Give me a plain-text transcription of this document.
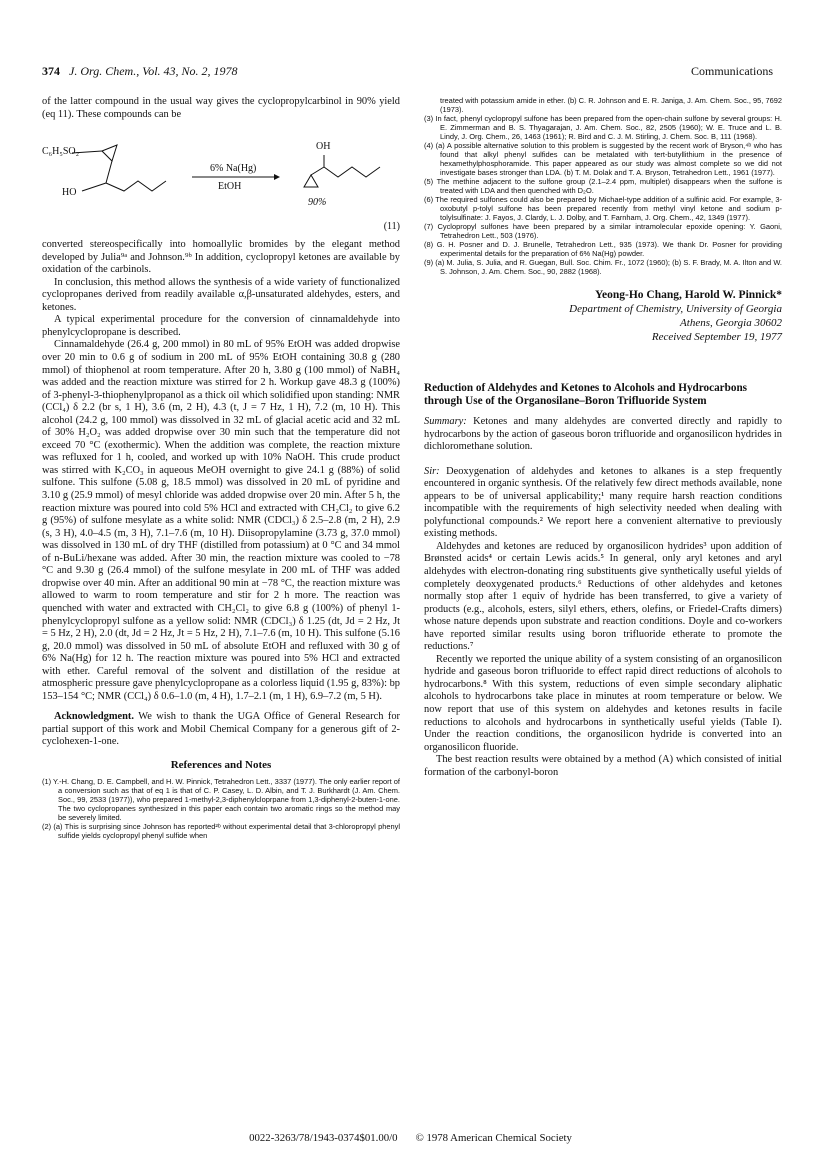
374 J. Org. Chem., Vol. 43, No. 2, 1978	Communications

of the latter compound in the usual way gives the cyclopropylcarbinol in 90% yield (eq 11). These compounds can be

C₆H₅SO₂
HO
6% Na(Hg)
EtOH
OH
90%
(11)

converted stereospecifically into homoallylic bromides by the elegant method developed by Julia⁹ᵃ and Johnson.⁹ᵇ In addition, cyclopropyl ketones are available by oxidation of the carbinols.

In conclusion, this method allows the synthesis of a wide variety of functionalized cyclopropanes derived from readily available α,β-unsaturated aldehydes, esters, and ketones.

A typical experimental procedure for the conversion of cinnamaldehyde into phenylcyclopropane is described.

Cinnamaldehyde (26.4 g, 200 mmol) in 80 mL of 95% EtOH was added dropwise over 20 min to 0.6 g of sodium in 200 mL of 95% EtOH containing 30.8 g (280 mmol) of thiophenol at room temperature. After 20 h, 3.80 g (100 mmol) of NaBH₄ was added and the reaction mixture was stirred for 2 h. Workup gave 48.3 g (100%) of 3-phenyl-3-thiophenylpropanol as a thick oil which solidified upon standing: NMR (CCl₄) δ 2.2 (br s, 1 H), 3.6 (m, 2 H), 4.3 (t, J = 7 Hz, 1 H), 7.2 (m, 10 H). This alcohol (24.2 g, 100 mmol) was dissolved in 32 mL of glacial acetic acid and 32 mL of 30% H₂O₂ was added dropwise over 30 min such that the temperature did not exceed 70 °C (exothermic). When the addition was complete, the reaction mixture was refluxed for 1 h, cooled, and worked up with 10% NaOH. This crude product was stirred with K₂CO₃ in aqueous MeOH overnight to give 24.1 g (88%) of solid sulfone. This sulfone (5.08 g, 18.5 mmol) was dissolved in 20 mL of pyridine and 3.10 g (25.9 mmol) of mesyl chloride was added dropwise over 20 min. After 5 h, the reaction mixture was poured into cold 5% HCl and extracted with CH₂Cl₂ to give 6.2 g (95%) of sulfone mesylate as a white solid: NMR (CDCl₃) δ 2.5–2.8 (m, 2 H), 2.9 (s, 3 H), 4.0–4.5 (m, 3 H), 7.1–7.6 (m, 10 H). Diisopropylamine (3.73 g, 37.0 mmol) was dissolved in 130 mL of dry THF (distilled from potassium) at 0 °C and 34 mmol of n-BuLi/hexane was added. After 30 min, the reaction mixture was cooled to −78 °C and 9.30 g (26.4 mmol) of the sulfone mesylate in 200 mL of THF was added dropwise over 40 min. After an additional 90 min at −78 °C, the reaction mixture was allowed to warm to room temperature and stir for 2 h more. The reaction was quenched with water and extracted with CH₂Cl₂ to give 6.8 g (100%) of phenyl 1-phenylcyclopropyl sulfone as a yellow solid: NMR (CDCl₃) δ 1.25 (dt, Jd = 2 Hz, Jt = 5 Hz, 2 H), 2.0 (dt, Jd = 2 Hz, Jt = 5 Hz, 2 H), 7.1–7.6 (m, 10 H). This sulfone (5.16 g, 20.0 mmol) was dissolved in 50 mL of absolute EtOH and refluxed with 30 g of 6% Na(Hg) for 12 h. The reaction mixture was poured into 5% HCl and extracted with ether. Careful removal of the solvent and distillation of the residue at atmospheric pressure gave phenylcyclopropane as a colorless liquid (1.95 g, 83%): bp 153–154 °C; NMR (CCl₄) δ 0.6–1.0 (m, 4 H), 1.7–2.1 (m, 1 H), 6.9–7.2 (m, 5 H).

Acknowledgment. We wish to thank the UGA Office of General Research for partial support of this work and Mobil Chemical Company for a generous gift of 2-cyclohexen-1-one.

References and Notes
(1) Y.-H. Chang, D. E. Campbell, and H. W. Pinnick, Tetrahedron Lett., 3337 (1977). The only earlier report of a conversion such as that of eq 1 is that of C. P. Casey, L. D. Albin, and T. J. Burkhardt (J. Am. Chem. Soc., 99, 2533 (1977)), who prepared 1-methyl-2,3-diphenylcloprpane from 1,3-diphenyl-2-buten-1-one. The two cyclopropanes synthesized in this paper each contain two aromatic rings so the method may be severely limited.
(2) (a) This is surprising since Johnson has reported²ᵇ without experimental detail that 3-chloropropyl phenyl sulfide yields cyclopropyl phenyl sulfide when
treated with potassium amide in ether. (b) C. R. Johnson and E. R. Janiga, J. Am. Chem. Soc., 95, 7692 (1973).
(3) In fact, phenyl cyclopropyl sulfone has been prepared from the open-chain sulfone by several groups: H. E. Zimmerman and B. S. Thyagarajan, J. Am. Chem. Soc., 82, 2505 (1960); W. E. Truce and L. B. Lindy, J. Org. Chem., 26, 1463 (1961); R. Bird and C. J. M. Stirling, J. Chem. Soc. B, 111 (1968).
(4) (a) A possible alternative solution to this problem is suggested by the recent work of Bryson,⁴ᵇ who has found that alkyl phenyl sulfides can be metalated with tert-butyllithium in the presence of hexamethylphosphoramide. This paper appeared as our study was almost complete so we did not investigate bases stronger than LDA. (b) T. M. Dolak and T. A. Bryson, Tetrahedron Lett., 1961 (1977).
(5) The methine adjacent to the sulfone group (2.1–2.4 ppm, multiplet) disappears when the sulfone is treated with LDA and then quenched with D₂O.
(6) The required sulfones could also be prepared by Michael-type addition of a sulfinic acid. For example, 3-oxobutyl p-tolyl sulfone has been prepared recently from methyl vinyl ketone and sodium p-tolylsulfinate: J. Fayos, J. Clardy, L. J. Dolby, and T. Farnham, J. Org. Chem., 42, 1349 (1977).
(7) Cyclopropyl sulfones have been prepared by a similar intramolecular epoxide opening: Y. Gaoni, Tetrahedron Lett., 503 (1976).
(8) G. H. Posner and D. J. Brunelle, Tetrahedron Lett., 935 (1973). We thank Dr. Posner for providing experimental details for the preparation of 6% Na(Hg) powder.
(9) (a) M. Julia, S. Julia, and R. Guegan, Bull. Soc. Chim. Fr., 1072 (1960); (b) S. F. Brady, M. A. Ilton and W. S. Johnson, J. Am. Chem. Soc., 90, 2882 (1968).
Yeong-Ho Chang, Harold W. Pinnick*
Department of Chemistry, University of Georgia
Athens, Georgia 30602
Received September 19, 1977
Reduction of Aldehydes and Ketones to Alcohols and Hydrocarbons through Use of the Organosilane–Boron Trifluoride System

Summary: Ketones and many aldehydes are converted directly and rapidly to hydrocarbons by the action of gaseous boron trifluoride and organosilicon hydrides in dichloromethane solution.

Sir: Deoxygenation of aldehydes and ketones to alkanes is a step frequently encountered in organic synthesis. Of the relatively few direct methods available, none appears to be of universal applicability;¹ many require harsh reaction conditions incompatible with the requirements of high selectivity needed when dealing with polyfunctional compounds.² We report here a convenient alternative to previously existing methods.

Aldehydes and ketones are reduced by organosilicon hydrides³ upon addition of Brønsted acids⁴ or certain Lewis acids.⁵ In general, only aryl ketones and aryl aldehydes with electron-donating ring substituents give synthetically useful yields of completely deoxygenated products.⁶ Reductions of other aldehydes and ketones normally stop after 1 equiv of hydride has been transferred, to give a variety of products (e.g., alcohols, esters, silyl ethers, ethers, olefins, or Friedel-Crafts dimers) whose nature depends upon substrate and reaction conditions. Doyle and co-workers have reported similar results using boron trifluoride etherate to promote the reductions.⁷

Recently we reported the unique ability of a system consisting of an organosilicon hydride and gaseous boron trifluoride to effect rapid direct reductions of alcohols to hydrocarbons.⁸ With this system, reductions of even simple secondary aliphatic alcohols to hydrocarbons take place in minutes at room temperature or below. We now report that use of this system on aldehydes and ketones results in facile reductions to alcohols and hydrocarbons in synthetically useful yields (Table I). Under the reaction conditions, the organosilicon hydride is converted into an organosilicon fluoride.

The best reaction results were obtained by a method (A) which consisted of initial formation of the carbonyl-boron

0022-3263/78/1943-0374$01.00/0 © 1978 American Chemical Society
